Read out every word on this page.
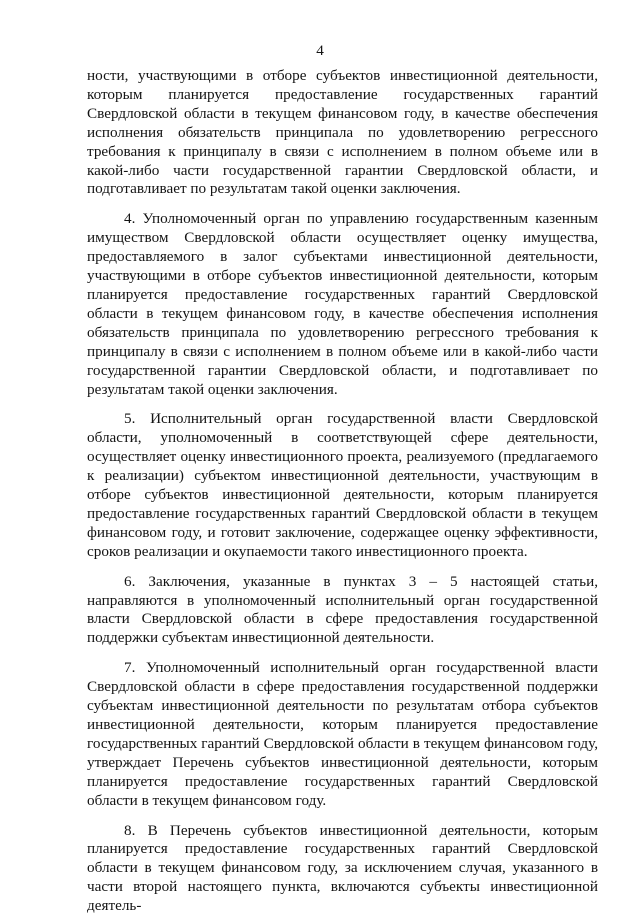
4

ности, участвующими в отборе субъектов инвестиционной деятельности, которым планируется предоставление государственных гарантий Свердловской области в текущем финансовом году, в качестве обеспечения исполнения обязательств принципала по удовлетворению регрессного требования к принципалу в связи с исполнением в полном объеме или в какой-либо части государственной гарантии Свердловской области, и подготавливает по результатам такой оценки заключения.

4. Уполномоченный орган по управлению государственным казенным имуществом Свердловской области осуществляет оценку имущества, предоставляемого в залог субъектами инвестиционной деятельности, участвующими в отборе субъектов инвестиционной деятельности, которым планируется предоставление государственных гарантий Свердловской области в текущем финансовом году, в качестве обеспечения исполнения обязательств принципала по удовлетворению регрессного требования к принципалу в связи с исполнением в полном объеме или в какой-либо части государственной гарантии Свердловской области, и подготавливает по результатам такой оценки заключения.

5. Исполнительный орган государственной власти Свердловской области, уполномоченный в соответствующей сфере деятельности, осуществляет оценку инвестиционного проекта, реализуемого (предлагаемого к реализации) субъектом инвестиционной деятельности, участвующим в отборе субъектов инвестиционной деятельности, которым планируется предоставление государственных гарантий Свердловской области в текущем финансовом году, и готовит заключение, содержащее оценку эффективности, сроков реализации и окупаемости такого инвестиционного проекта.

6. Заключения, указанные в пунктах 3 – 5 настоящей статьи, направляются в уполномоченный исполнительный орган государственной власти Свердловской области в сфере предоставления государственной поддержки субъектам инвестиционной деятельности.

7. Уполномоченный исполнительный орган государственной власти Свердловской области в сфере предоставления государственной поддержки субъектам инвестиционной деятельности по результатам отбора субъектов инвестиционной деятельности, которым планируется предоставление государственных гарантий Свердловской области в текущем финансовом году, утверждает Перечень субъектов инвестиционной деятельности, которым планируется предоставление государственных гарантий Свердловской области в текущем финансовом году.

8. В Перечень субъектов инвестиционной деятельности, которым планируется предоставление государственных гарантий Свердловской области в текущем финансовом году, за исключением случая, указанного в части второй настоящего пункта, включаются субъекты инвестиционной деятель-
